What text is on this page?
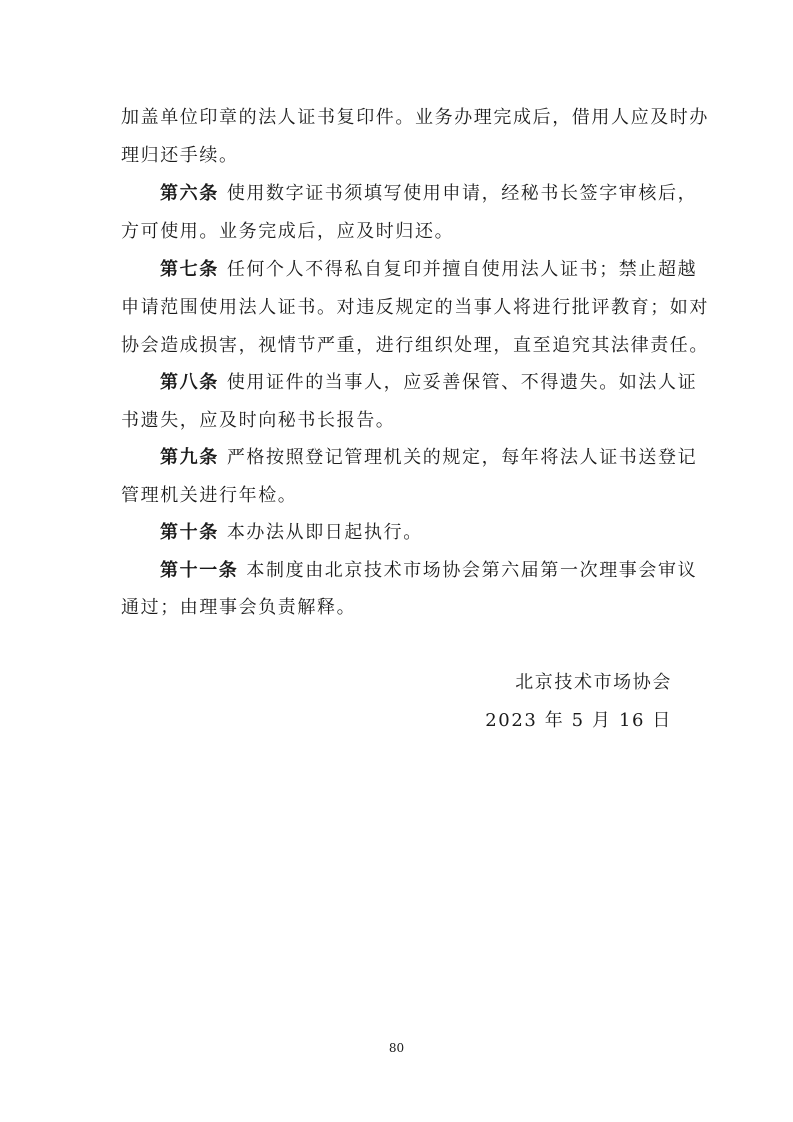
加盖单位印章的法人证书复印件。业务办理完成后，借用人应及时办
理归还手续。
第六条 使用数字证书须填写使用申请，经秘书长签字审核后，
方可使用。业务完成后，应及时归还。
第七条 任何个人不得私自复印并擅自使用法人证书；禁止超越
申请范围使用法人证书。对违反规定的当事人将进行批评教育；如对
协会造成损害，视情节严重，进行组织处理，直至追究其法律责任。
第八条 使用证件的当事人，应妥善保管、不得遗失。如法人证
书遗失，应及时向秘书长报告。
第九条 严格按照登记管理机关的规定，每年将法人证书送登记
管理机关进行年检。
第十条 本办法从即日起执行。
第十一条 本制度由北京技术市场协会第六届第一次理事会审议
通过；由理事会负责解释。
北京技术市场协会
2023 年 5 月 16 日
80
